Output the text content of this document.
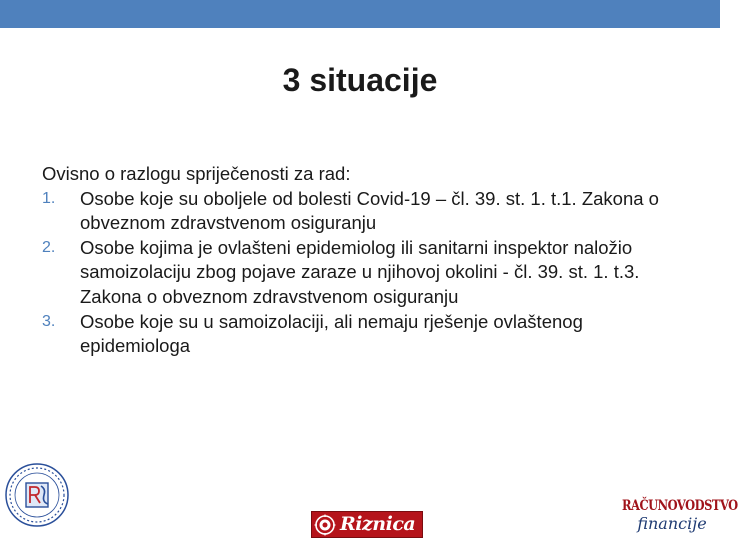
3 situacije
Ovisno o razlogu spriječenosti za rad:
1.	Osobe koje su oboljele od bolesti Covid-19 – čl. 39. st. 1. t.1. Zakona o obveznom zdravstvenom osiguranju
2.	Osobe kojima je ovlašteni epidemiolog ili sanitarni inspektor naložio samoizolaciju zbog pojave zaraze u njihovoj okolini - čl. 39. st. 1. t.3. Zakona o obveznom zdravstvenom osiguranju
3.	Osobe koje su u samoizolaciji, ali nemaju rješenje ovlaštenog epidemiologa
Riznica
RAČUNOVODSTVO
financije
